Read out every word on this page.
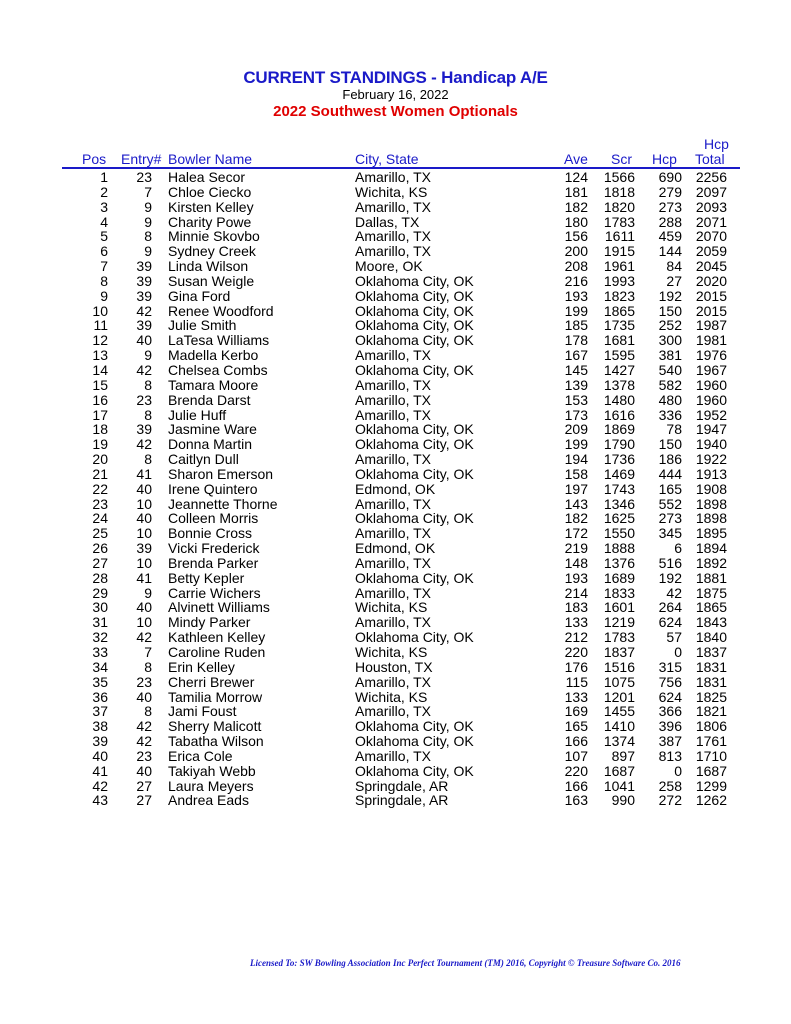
CURRENT STANDINGS - Handicap A/E
February 16, 2022
2022 Southwest Women Optionals
Pos Entry# Bowler Name	City, State	Ave Scr Hcp
Hcp
Total
1 23 Halea Secor	Amarillo, TX	124 1566 690 2256
2	7 Chloe Ciecko	Wichita, KS	181 1818 279 2097
3	9 Kirsten Kelley	Amarillo, TX	182 1820 273 2093
4	9 Charity Powe	Dallas, TX	180 1783 288 2071
5	8 Minnie Skovbo	Amarillo, TX	156 1611 459 2070
6	9 Sydney Creek	Amarillo, TX	200 1915 144 2059
7 39 Linda Wilson	Moore, OK	208 1961 84 2045
8 39 Susan Weigle	Oklahoma City, OK	216 1993 27 2020
9 39 Gina Ford	Oklahoma City, OK	193 1823 192 2015
10 42 Renee Woodford	Oklahoma City, OK	199 1865 150 2015
11 39 Julie Smith	Oklahoma City, OK	185 1735 252 1987
12 40 LaTesa Williams	Oklahoma City, OK	178 1681 300 1981
13	9 Madella Kerbo	Amarillo, TX	167 1595 381 1976
14 42 Chelsea Combs	Oklahoma City, OK	145 1427 540 1967
15	8 Tamara Moore	Amarillo, TX	139 1378 582 1960
16 23 Brenda Darst	Amarillo, TX	153 1480 480 1960
17	8 Julie Huff	Amarillo, TX	173 1616 336 1952
18 39 Jasmine Ware	Oklahoma City, OK	209 1869 78 1947
19 42 Donna Martin	Oklahoma City, OK	199 1790 150 1940
20	8 Caitlyn Dull	Amarillo, TX	194 1736 186 1922
21 41 Sharon Emerson	Oklahoma City, OK	158 1469 444 1913
22 40 Irene Quintero	Edmond, OK	197 1743 165 1908
23 10 Jeannette Thorne	Amarillo, TX	143 1346 552 1898
24 40 Colleen Morris	Oklahoma City, OK	182 1625 273 1898
25 10 Bonnie Cross	Amarillo, TX	172 1550 345 1895
26 39 Vicki Frederick	Edmond, OK	219 1888	6 1894
27 10 Brenda Parker	Amarillo, TX	148 1376 516 1892
28 41 Betty Kepler	Oklahoma City, OK	193 1689 192 1881
29	9 Carrie Wichers	Amarillo, TX	214 1833 42 1875
30 40 Alvinett Williams	Wichita, KS	183 1601 264 1865
31 10 Mindy Parker	Amarillo, TX	133 1219 624 1843
32 42 Kathleen Kelley	Oklahoma City, OK	212 1783 57 1840
33	7 Caroline Ruden	Wichita, KS	220 1837	0 1837
34	8 Erin Kelley	Houston, TX	176 1516 315 1831
35 23 Cherri Brewer	Amarillo, TX	115 1075 756 1831
36 40 Tamilia Morrow	Wichita, KS	133 1201 624 1825
37	8 Jami Foust	Amarillo, TX	169 1455 366 1821
38 42 Sherry Malicott	Oklahoma City, OK	165 1410 396 1806
39 42 Tabatha Wilson	Oklahoma City, OK	166 1374 387 1761
40 23 Erica Cole	Amarillo, TX	107 897 813 1710
41 40 Takiyah Webb	Oklahoma City, OK	220 1687	0 1687
42 27 Laura Meyers	Springdale, AR	166 1041 258 1299
43 27 Andrea Eads	Springdale, AR	163 990 272 1262
Licensed To: SW Bowling Association Inc Perfect Tournament (TM) 2016, Copyright © Treasure Software Co. 2016
